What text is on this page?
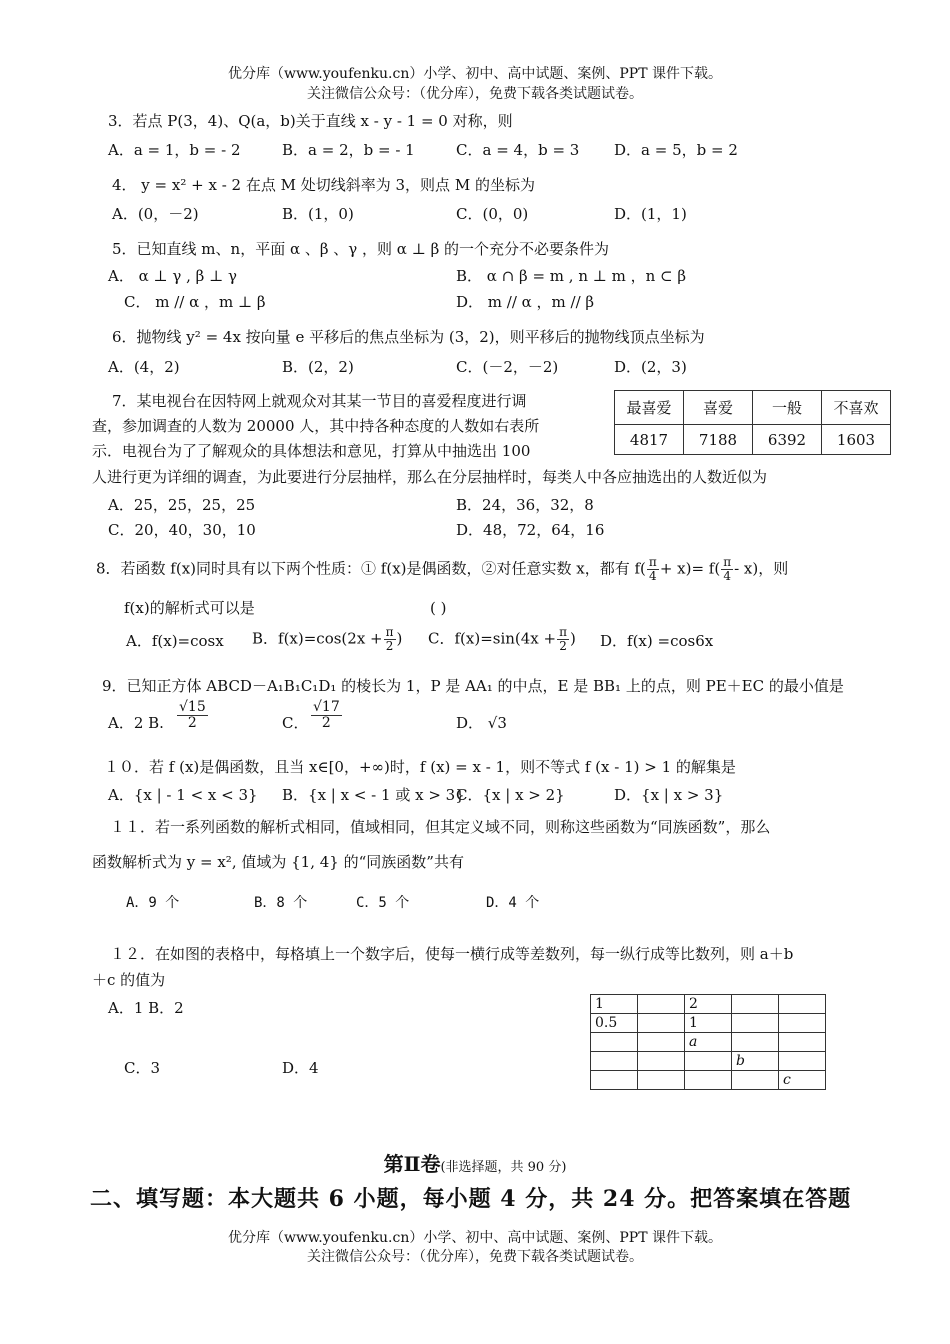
优分库（www.youfenku.cn）小学、初中、高中试题、案例、PPT 课件下载。
关注微信公众号：（优分库），免费下载各类试题试卷。
3．若点 P(3，4)、Q(a，b)关于直线 x - y - 1 = 0 对称，则
A．a = 1，b = - 2	B．a = 2，b = - 1	C．a = 4，b = 3 D．a = 5，b = 2
4． y = x² + x - 2 在点 M 处切线斜率为 3，则点 M 的坐标为
A．(0，－2)	B．(1，0)	C．(0，0)	D．(1，1)
5．已知直线 m、n，平面 α 、β 、γ ，则 α ⊥ β 的一个充分不必要条件为
A． α ⊥ γ , β ⊥ γ	B． α ∩ β = m , n ⊥ m ，n ⊂ β
C． m // α ，m ⊥ β	D． m // α ，m // β
6．抛物线 y² = 4x 按向量 e 平移后的焦点坐标为 (3，2)，则平移后的抛物线顶点坐标为
A．(4，2)	B．(2，2)	C．(－2，－2)	D．(2，3)
7．某电视台在因特网上就观众对其某一节目的喜爱程度进行调
查，参加调查的人数为 20000 人，其中持各种态度的人数如右表所
示．电视台为了了解观众的具体想法和意见，打算从中抽选出 100
人进行更为详细的调查，为此要进行分层抽样，那么在分层抽样时，每类人中各应抽选出的人数近似为
最喜爱	喜爱	一般	不喜欢
4817	7188	6392	1603
A．25，25，25，25	B．24，36，32，8
C．20，40，30，10	D．48，72，64，16
8．若函数 f(x)同时具有以下两个性质：① f(x)是偶函数，②对任意实数 x，都有 $f( \frac{\pi}{4} + x)= f( \frac{\pi}{4} - x)$，则
f(x)的解析式可以是	( )
A．f(x)=cosx B．$f(x)=\cos(2x + \frac{\pi}{2}$ ) C．$f(x)=\sin(4x + \frac{\pi}{2}$ ) D．f(x) =cos6x
9．已知正方体 ABCD－A₁B₁C₁D₁ 的棱长为 1，P 是 AA₁ 的中点，E 是 BB₁ 上的点，则 PE＋EC 的最小值是
A．2 B. $\frac{√15}{2}$	C． $\frac{√17}{2}$	D． √3
１０．若 f (x)是偶函数，且当 x∈[0，+∞)时，f (x) = x - 1，则不等式 f (x - 1) > 1 的解集是
A．{x | - 1 < x < 3} B．{x | x < - 1 或 x > 3}
C．{x | x > 2}	D．{x | x > 3}
１１．若一系列函数的解析式相同，值域相同，但其定义域不同，则称这些函数为“同族函数”，那么
函数解析式为 y = x², 值域为 {1, 4} 的“同族函数”共有
A．9 个	B．8 个	C．5 个	D．4 个
１２．在如图的表格中，每格填上一个数字后，使每一横行成等差数列，每一纵行成等比数列，则 a＋b
＋c 的值为
A．1 B．2
C．3	D．4
1		2		
0.5		1		
		a		
			b	
				c
第Ⅱ卷(非选择题，共 90 分)
二、填写题：本大题共 6 小题，每小题 4 分，共 24 分。把答案填在答题
优分库（www.youfenku.cn）小学、初中、高中试题、案例、PPT 课件下载。
关注微信公众号：（优分库），免费下载各类试题试卷。
